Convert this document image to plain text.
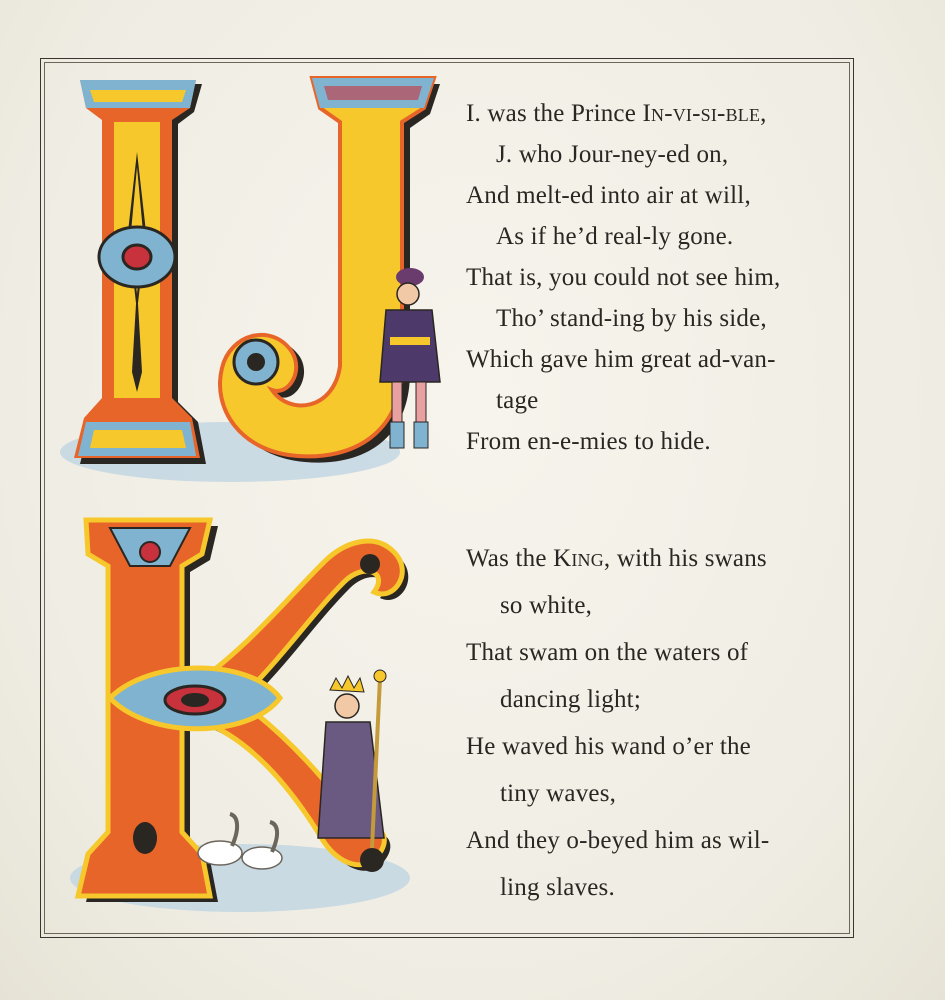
I. was the Prince In-vi-si-ble,
J. who Jour-ney-ed on,
And melt-ed into air at will,
As if he’d real-ly gone.
That is, you could not see him,
Tho’ stand-ing by his side,
Which gave him great ad-van-
tage
From en-e-mies to hide.
Was the King, with his swans
so white,
That swam on the waters of
dancing light;
He waved his wand o’er the
tiny waves,
And they o-beyed him as wil-
ling slaves.
